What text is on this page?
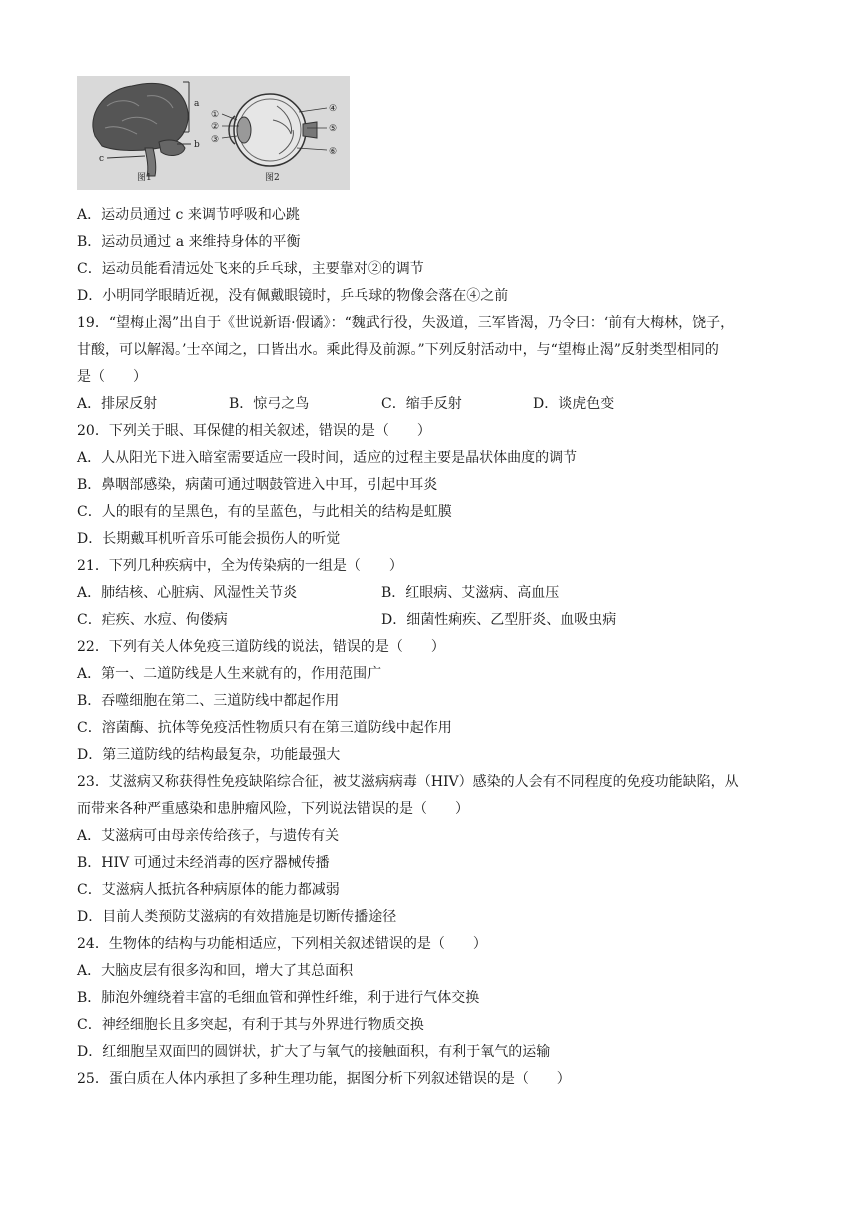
a
b
c
图1
①
②
③
④
⑤
⑥
图2
A．运动员通过 c 来调节呼吸和心跳
B．运动员通过 a 来维持身体的平衡
C．运动员能看清远处飞来的乒乓球，主要靠对②的调节
D．小明同学眼睛近视，没有佩戴眼镜时，乒乓球的物像会落在④之前
19．“望梅止渴”出自于《世说新语·假谲》：“魏武行役，失汲道，三军皆渴，乃令曰：‘前有大梅林，饶子，
甘酸，可以解渴。’士卒闻之，口皆出水。乘此得及前源。”下列反射活动中，与“望梅止渴”反射类型相同的
是（　　）
A．排尿反射	B．惊弓之鸟	C．缩手反射	D．谈虎色变
20．下列关于眼、耳保健的相关叙述，错误的是（　　）
A．人从阳光下进入暗室需要适应一段时间，适应的过程主要是晶状体曲度的调节
B．鼻咽部感染，病菌可通过咽鼓管进入中耳，引起中耳炎
C．人的眼有的呈黑色，有的呈蓝色，与此相关的结构是虹膜
D．长期戴耳机听音乐可能会损伤人的听觉
21．下列几种疾病中，全为传染病的一组是（　　）
A．肺结核、心脏病、风湿性关节炎	B．红眼病、艾滋病、高血压
C．疟疾、水痘、佝偻病	D．细菌性痢疾、乙型肝炎、血吸虫病
22．下列有关人体免疫三道防线的说法，错误的是（　　）
A．第一、二道防线是人生来就有的，作用范围广
B．吞噬细胞在第二、三道防线中都起作用
C．溶菌酶、抗体等免疫活性物质只有在第三道防线中起作用
D．第三道防线的结构最复杂，功能最强大
23．艾滋病又称获得性免疫缺陷综合征，被艾滋病病毒（HIV）感染的人会有不同程度的免疫功能缺陷，从
而带来各种严重感染和患肿瘤风险，下列说法错误的是（　　）
A．艾滋病可由母亲传给孩子，与遗传有关
B．HIV 可通过未经消毒的医疗器械传播
C．艾滋病人抵抗各种病原体的能力都减弱
D．目前人类预防艾滋病的有效措施是切断传播途径
24．生物体的结构与功能相适应，下列相关叙述错误的是（　　）
A．大脑皮层有很多沟和回，增大了其总面积
B．肺泡外缠绕着丰富的毛细血管和弹性纤维，利于进行气体交换
C．神经细胞长且多突起，有利于其与外界进行物质交换
D．红细胞呈双面凹的圆饼状，扩大了与氧气的接触面积，有利于氧气的运输
25．蛋白质在人体内承担了多种生理功能，据图分析下列叙述错误的是（　　）
